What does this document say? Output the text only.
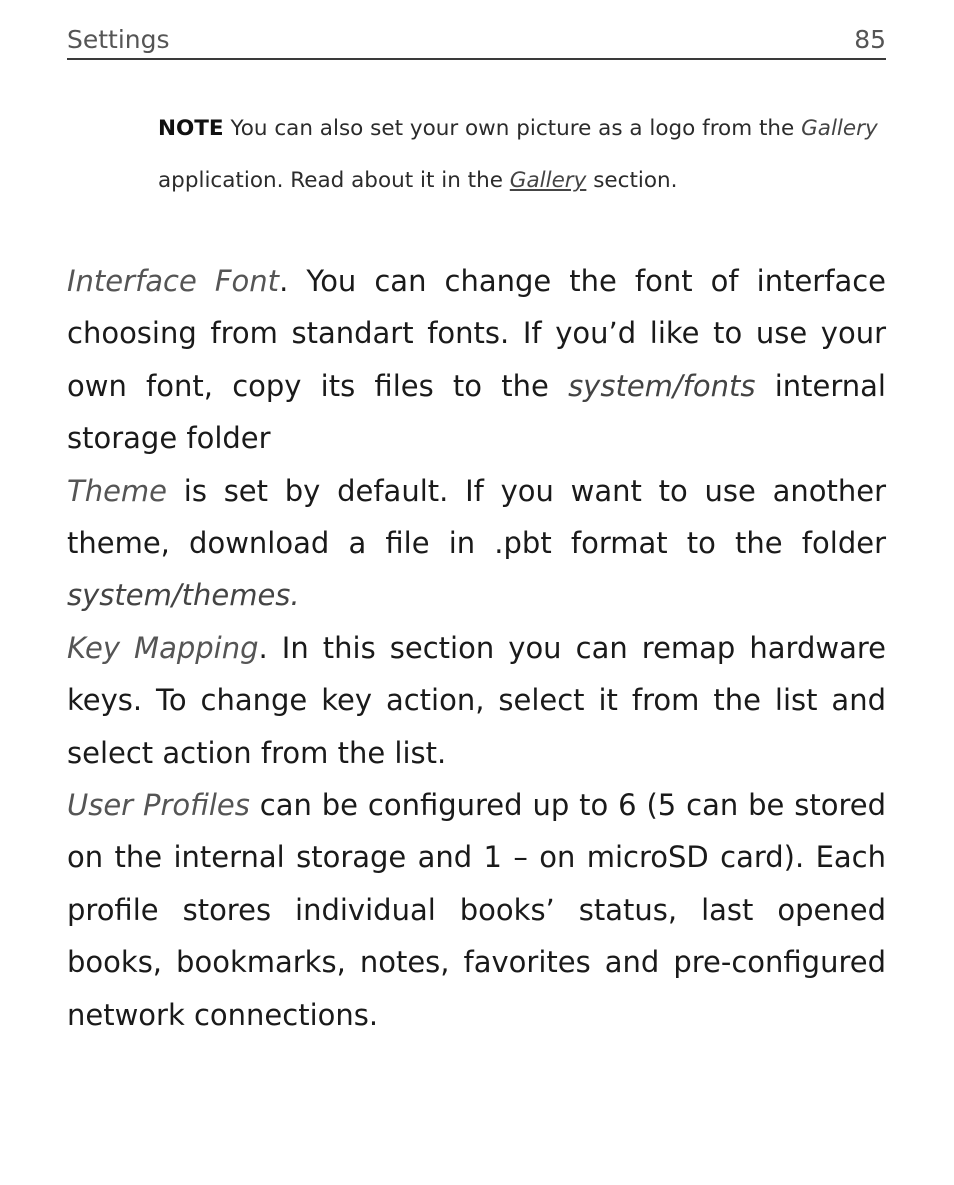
Settings	85
NOTE You can also set your own picture as a logo from the Gallery application. Read about it in the Gallery section.

Interface Font. You can change the font of interface choosing from standart fonts. If you’d like to use your own font, copy its files to the system/fonts internal storage folder

Theme is set by default. If you want to use another theme, download a file in .pbt format to the folder system/themes.

Key Mapping. In this section you can remap hardware keys. To change key action, select it from the list and select action from the list.

User Profiles can be configured up to 6 (5 can be stored on the internal storage and 1 – on microSD card). Each profile stores individual books’ status, last opened books, bookmarks, notes, favorites and pre-configured network connections.
